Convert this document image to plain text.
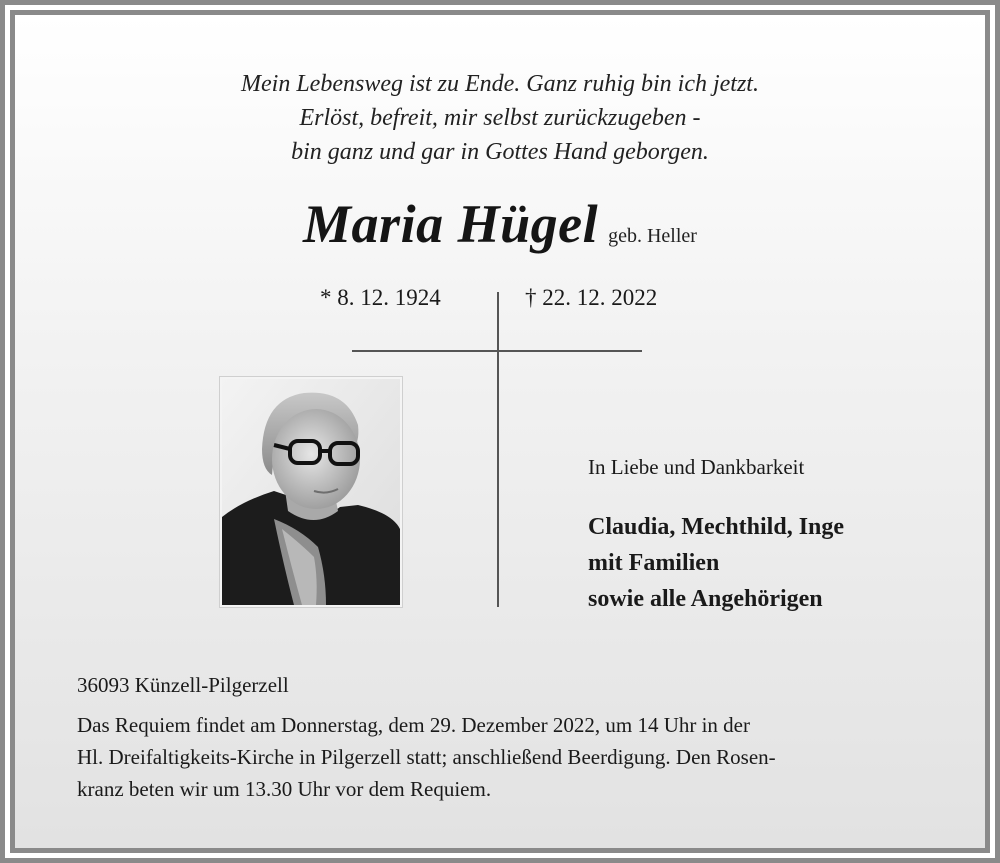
Mein Lebensweg ist zu Ende. Ganz ruhig bin ich jetzt.
Erlöst, befreit, mir selbst zurückzugeben -
bin ganz und gar in Gottes Hand geborgen.
Maria Hügel geb. Heller
* 8. 12. 1924	† 22. 12. 2022
In Liebe und Dankbarkeit
Claudia, Mechthild, Inge
mit Familien
sowie alle Angehörigen
36093 Künzell-Pilgerzell
Das Requiem findet am Donnerstag, dem 29. Dezember 2022, um 14 Uhr in der
Hl. Dreifaltigkeits-Kirche in Pilgerzell statt; anschließend Beerdigung. Den Rosen-
kranz beten wir um 13.30 Uhr vor dem Requiem.
